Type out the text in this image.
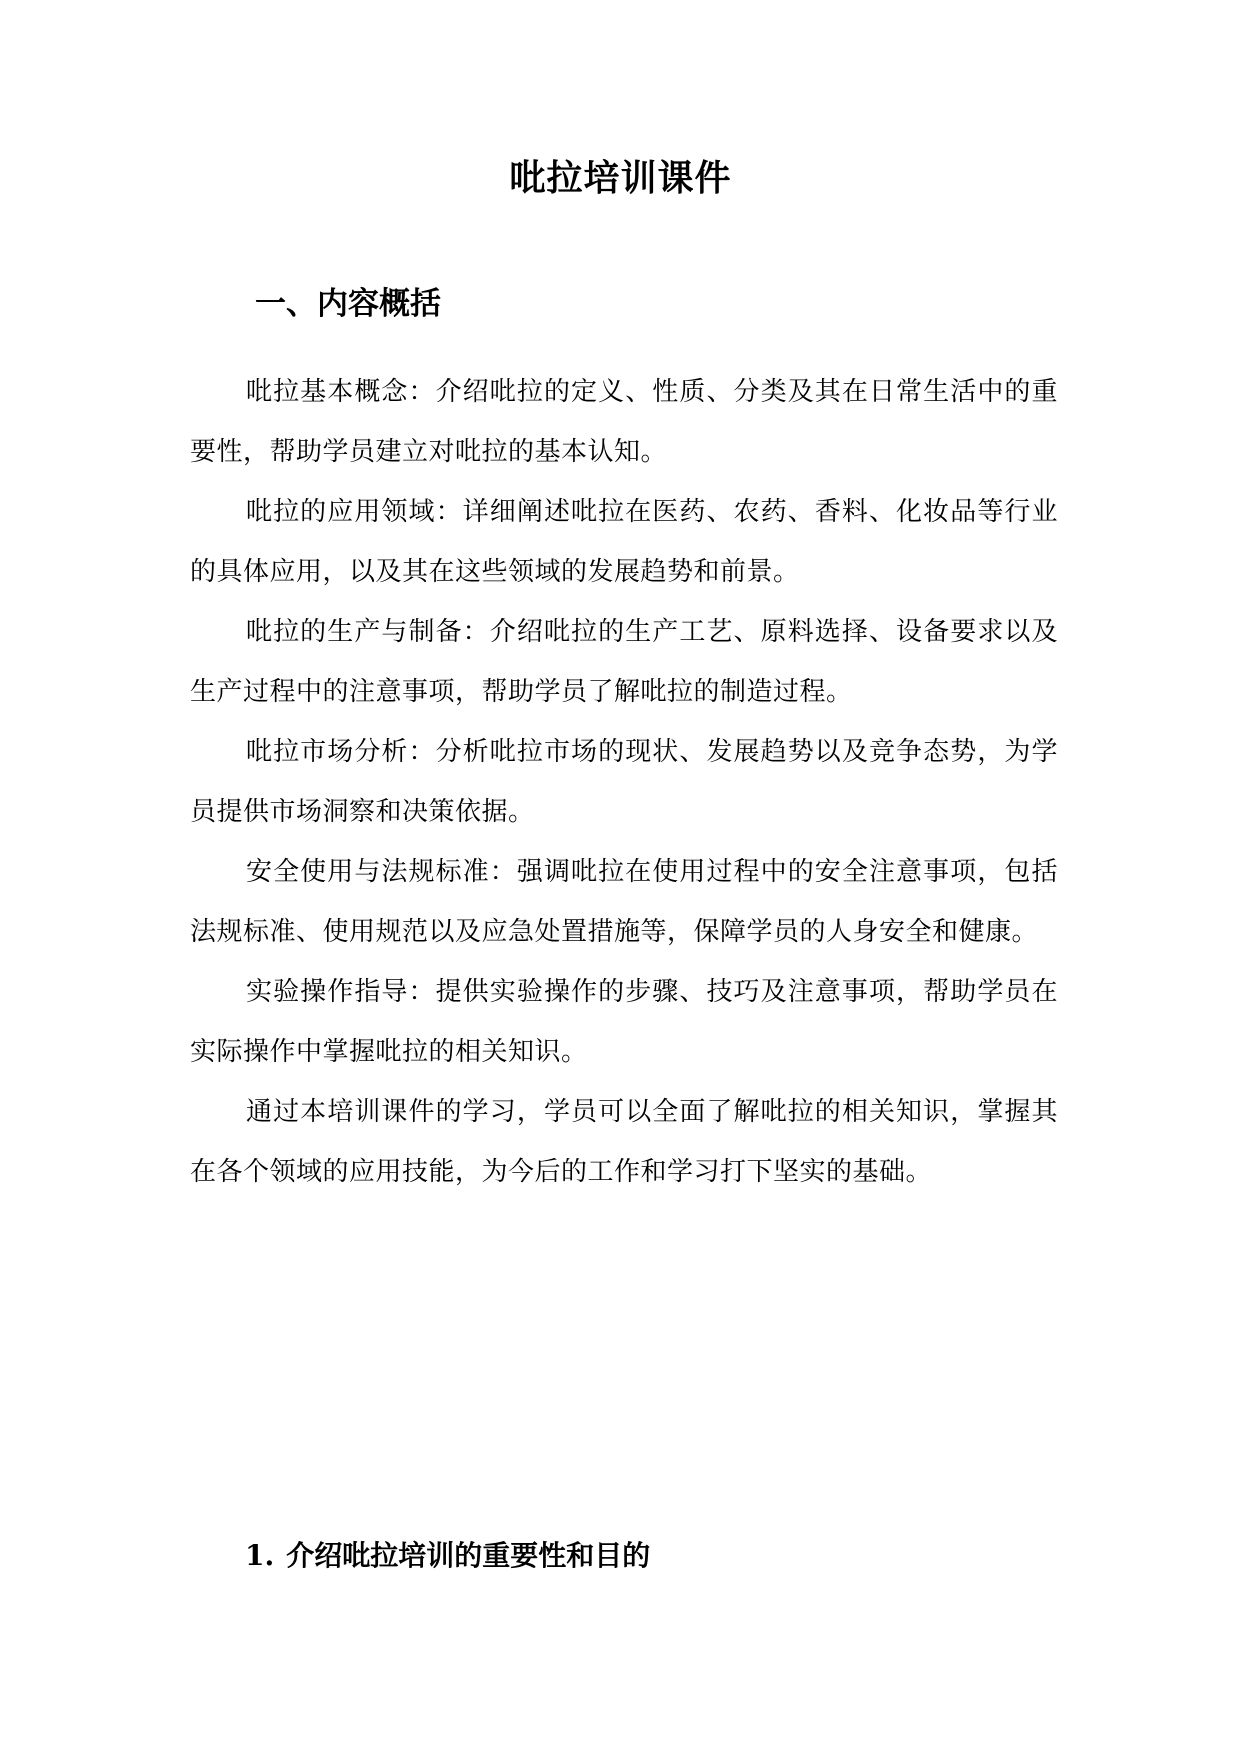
吡拉培训课件
一、内容概括

吡拉基本概念：介绍吡拉的定义、性质、分类及其在日常生活中的重要性，帮助学员建立对吡拉的基本认知。

吡拉的应用领域：详细阐述吡拉在医药、农药、香料、化妆品等行业的具体应用，以及其在这些领域的发展趋势和前景。

吡拉的生产与制备：介绍吡拉的生产工艺、原料选择、设备要求以及生产过程中的注意事项，帮助学员了解吡拉的制造过程。

吡拉市场分析：分析吡拉市场的现状、发展趋势以及竞争态势，为学员提供市场洞察和决策依据。

安全使用与法规标准：强调吡拉在使用过程中的安全注意事项，包括法规标准、使用规范以及应急处置措施等，保障学员的人身安全和健康。

实验操作指导：提供实验操作的步骤、技巧及注意事项，帮助学员在实际操作中掌握吡拉的相关知识。

通过本培训课件的学习，学员可以全面了解吡拉的相关知识，掌握其在各个领域的应用技能，为今后的工作和学习打下坚实的基础。

1. 介绍吡拉培训的重要性和目的
